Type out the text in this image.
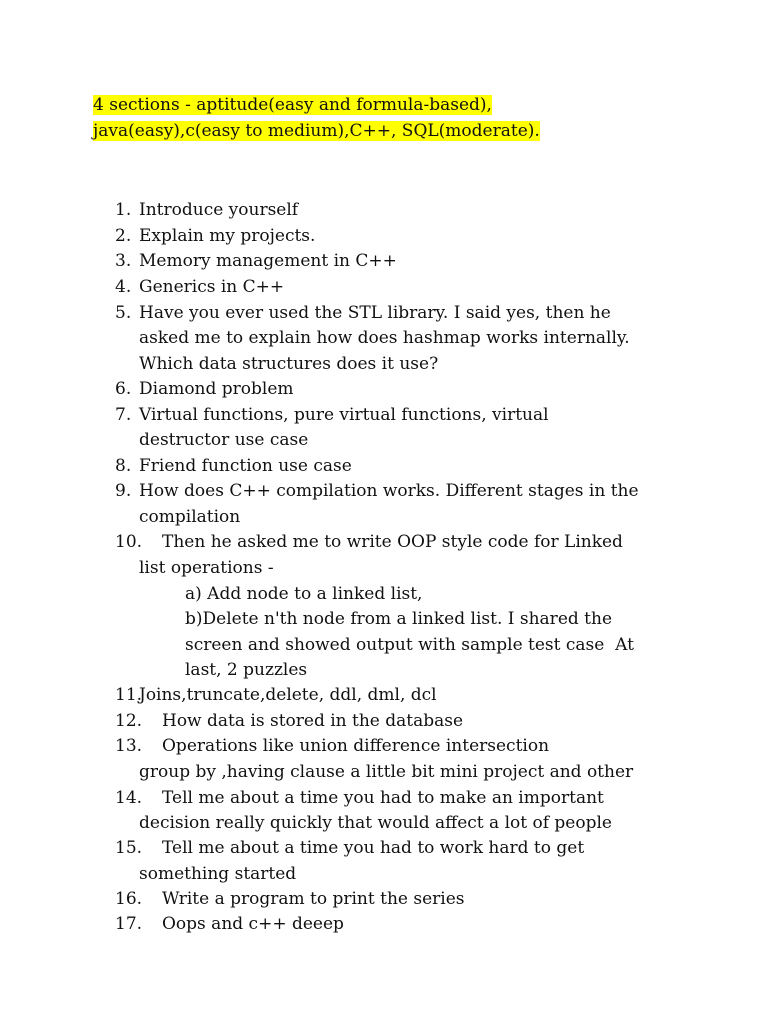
4 sections - aptitude(easy and formula-based),
java(easy),c(easy to medium),C++, SQL(moderate).
1. Introduce yourself
2. Explain my projects.
3. Memory management in C++
4. Generics in C++
5. Have you ever used the STL library. I said yes, then he
asked me to explain how does hashmap works internally.
Which data structures does it use?
6. Diamond problem
7. Virtual functions, pure virtual functions, virtual
destructor use case
8. Friend function use case
9. How does C++ compilation works. Different stages in the
compilation
10. Then he asked me to write OOP style code for Linked
list operations -
a) Add node to a linked list,
b)Delete n'th node from a linked list. I shared the
screen and showed output with sample test case  At
last, 2 puzzles
11.
Joins,truncate,delete, ddl, dml, dcl
12. How data is stored in the database
13. Operations like union difference intersection
group by ,having clause a little bit mini project and other
14. Tell me about a time you had to make an important
decision really quickly that would affect a lot of people
15. Tell me about a time you had to work hard to get
something started
16. Write a program to print the series
17. Oops and c++ deeep
